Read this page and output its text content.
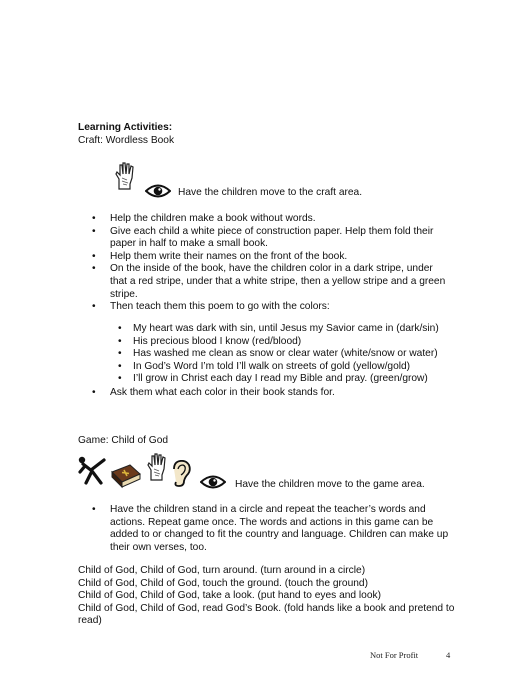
Learning Activities:
Craft: Wordless Book
Have the children move to the craft area.
• Help the children make a book without words.
• Give each child a white piece of construction paper. Help them fold their paper in half to make a small book.
• Help them write their names on the front of the book.
• On the inside of the book, have the children color in a dark stripe, under that a red stripe, under that a white stripe, then a yellow stripe and a green stripe.
• Then teach them this poem to go with the colors:
• My heart was dark with sin, until Jesus my Savior came in (dark/sin)
• His precious blood I know (red/blood)
• Has washed me clean as snow or clear water (white/snow or water)
• In God’s Word I’m told I’ll walk on streets of gold (yellow/gold)
• I’ll grow in Christ each day I read my Bible and pray. (green/grow)
• Ask them what each color in their book stands for.
Game: Child of God
Have the children move to the game area.
• Have the children stand in a circle and repeat the teacher’s words and actions. Repeat game once. The words and actions in this game can be added to or changed to fit the country and language. Children can make up their own verses, too.
Child of God, Child of God, turn around. (turn around in a circle)
Child of God, Child of God, touch the ground. (touch the ground)
Child of God, Child of God, take a look. (put hand to eyes and look)
Child of God, Child of God, read God’s Book. (fold hands like a book and pretend to read)
Not For Profit	4
